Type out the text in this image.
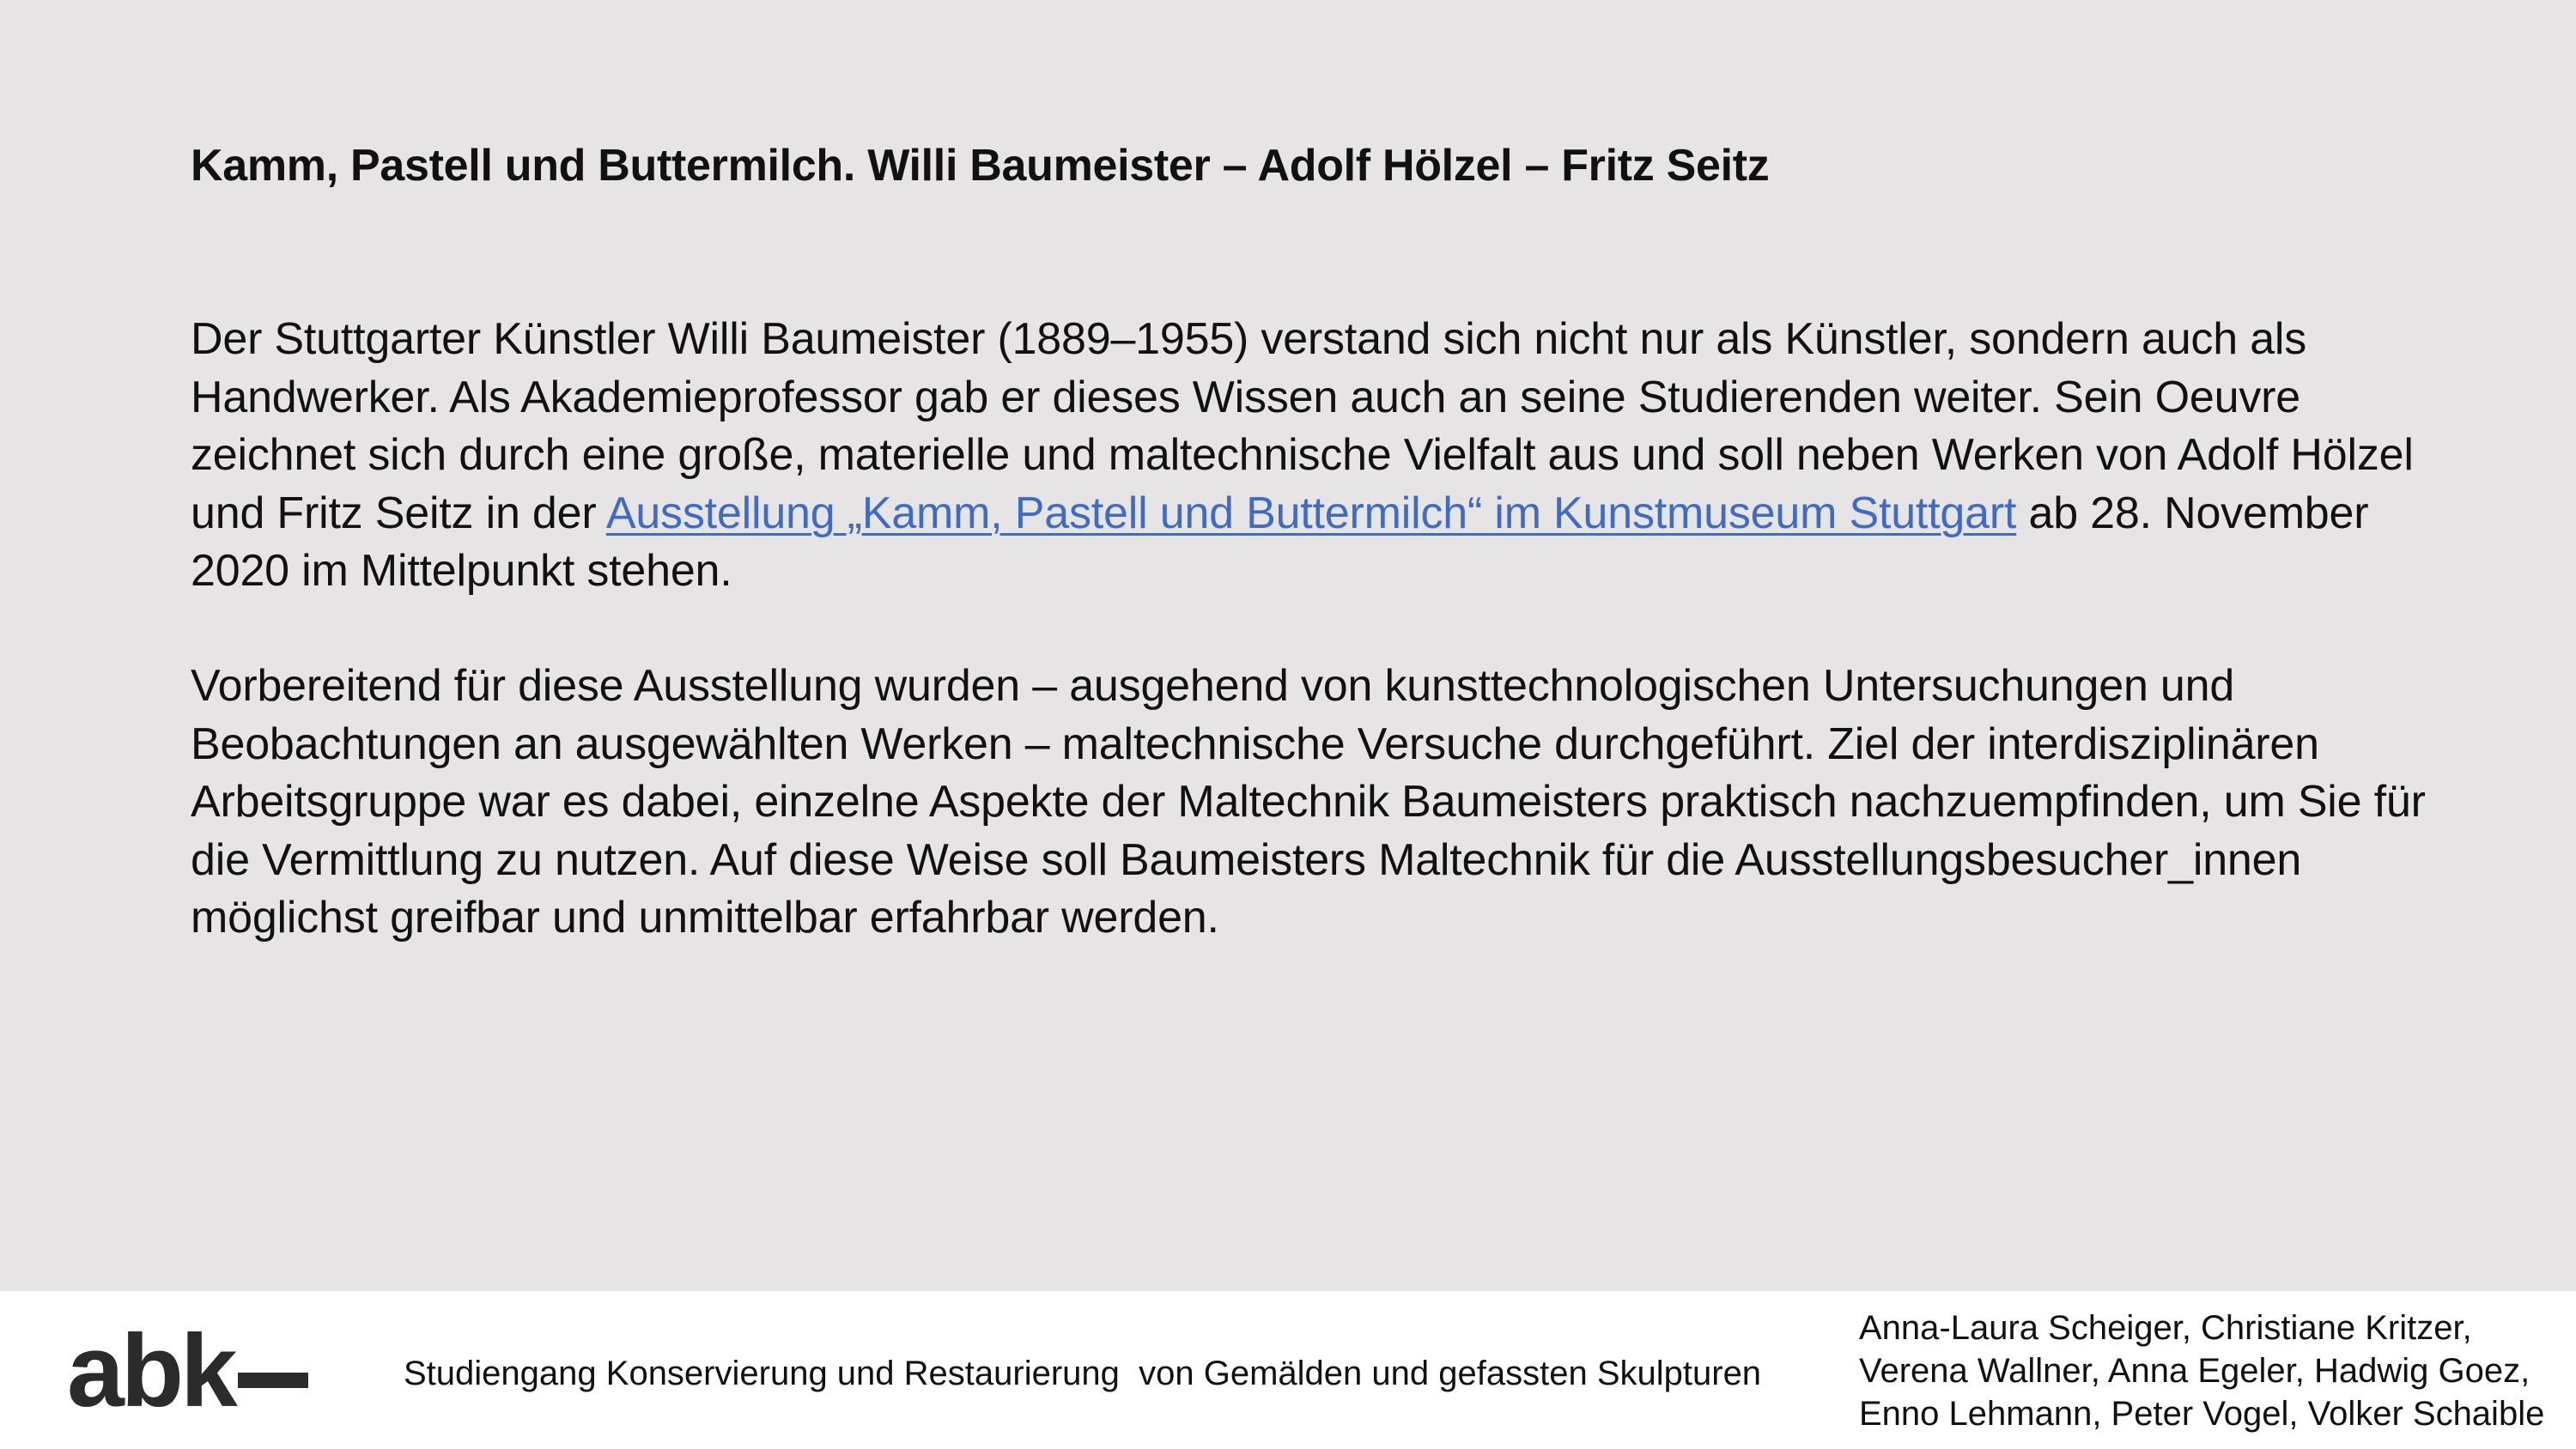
Kamm, Pastell und Buttermilch. Willi Baumeister – Adolf Hölzel – Fritz Seitz

Der Stuttgarter Künstler Willi Baumeister (1889–1955) verstand sich nicht nur als Künstler, sondern auch als Handwerker. Als Akademieprofessor gab er dieses Wissen auch an seine Studierenden weiter. Sein Oeuvre zeichnet sich durch eine große, materielle und maltechnische Vielfalt aus und soll neben Werken von Adolf Hölzel und Fritz Seitz in der Ausstellung „Kamm, Pastell und Buttermilch“ im Kunstmuseum Stuttgart ab 28. November 2020 im Mittelpunkt stehen.

Vorbereitend für diese Ausstellung wurden – ausgehend von kunsttechnologischen Untersuchungen und Beobachtungen an ausgewählten Werken – maltechnische Versuche durchgeführt. Ziel der interdisziplinären Arbeitsgruppe war es dabei, einzelne Aspekte der Maltechnik Baumeisters praktisch nachzuempfinden, um Sie für die Vermittlung zu nutzen. Auf diese Weise soll Baumeisters Maltechnik für die Ausstellungsbesucher_innen möglichst greifbar und unmittelbar erfahrbar werden.

abk	Studiengang Konservierung und Restaurierung  von Gemälden und gefassten Skulpturen
Anna-Laura Scheiger, Christiane Kritzer,
Verena Wallner, Anna Egeler, Hadwig Goez,
Enno Lehmann, Peter Vogel, Volker Schaible
